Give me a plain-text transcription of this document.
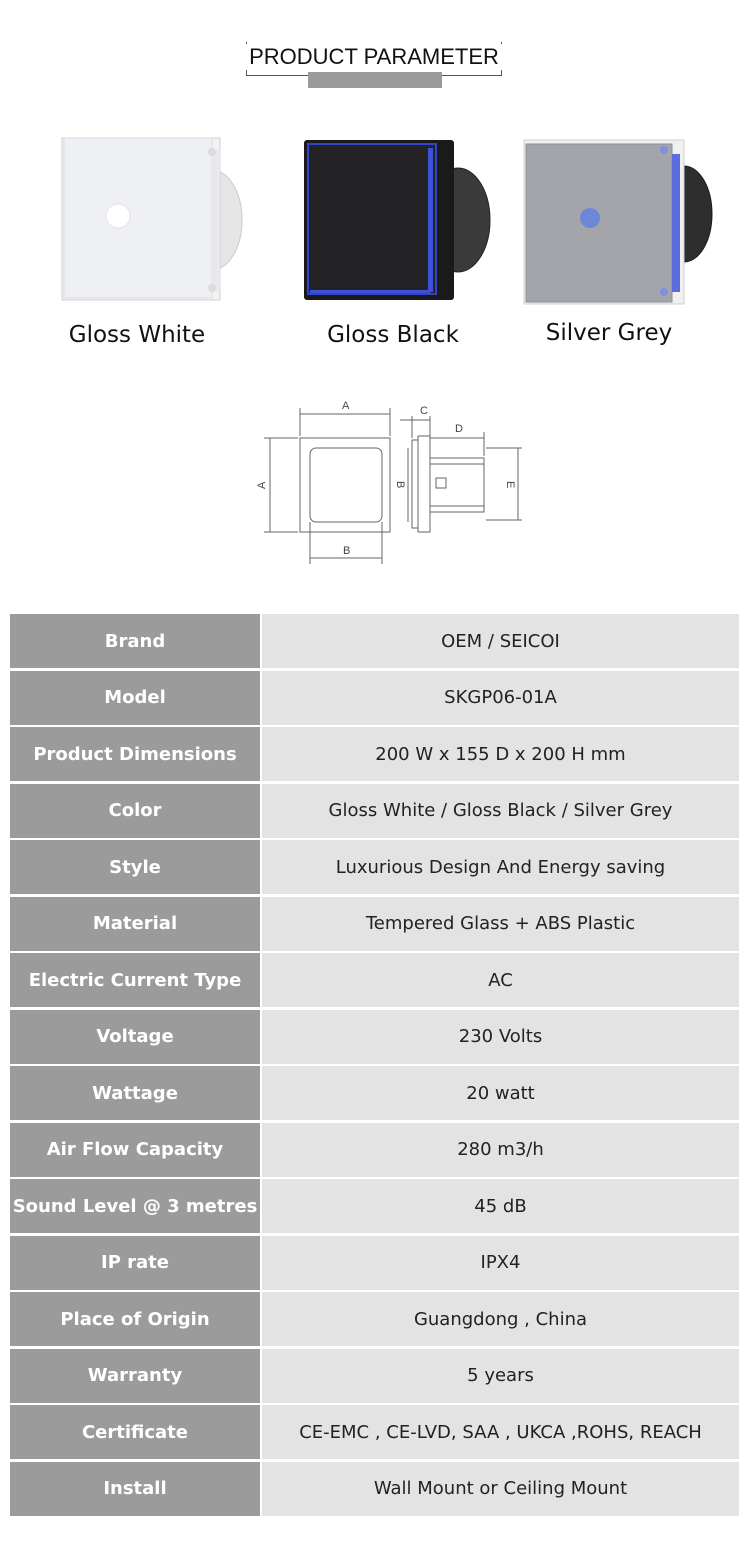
PRODUCT PARAMETER
Gloss White	Gloss Black	Silver Grey
A
A
B
B
C
D
E
Brand	OEM / SEICOI
Model	SKGP06-01A
Product Dimensions	200 W x 155 D x 200 H mm
Color	Gloss White / Gloss Black / Silver Grey
Style	Luxurious Design And Energy saving
Material	Tempered Glass + ABS Plastic
Electric Current Type	AC
Voltage	230 Volts
Wattage	20 watt
Air Flow Capacity	280 m3/h
Sound Level @ 3 metres	45 dB
IP rate	IPX4
Place of Origin	Guangdong , China
Warranty	5 years
Certificate	CE-EMC , CE-LVD, SAA , UKCA ,ROHS, REACH
Install	Wall Mount or Ceiling Mount
